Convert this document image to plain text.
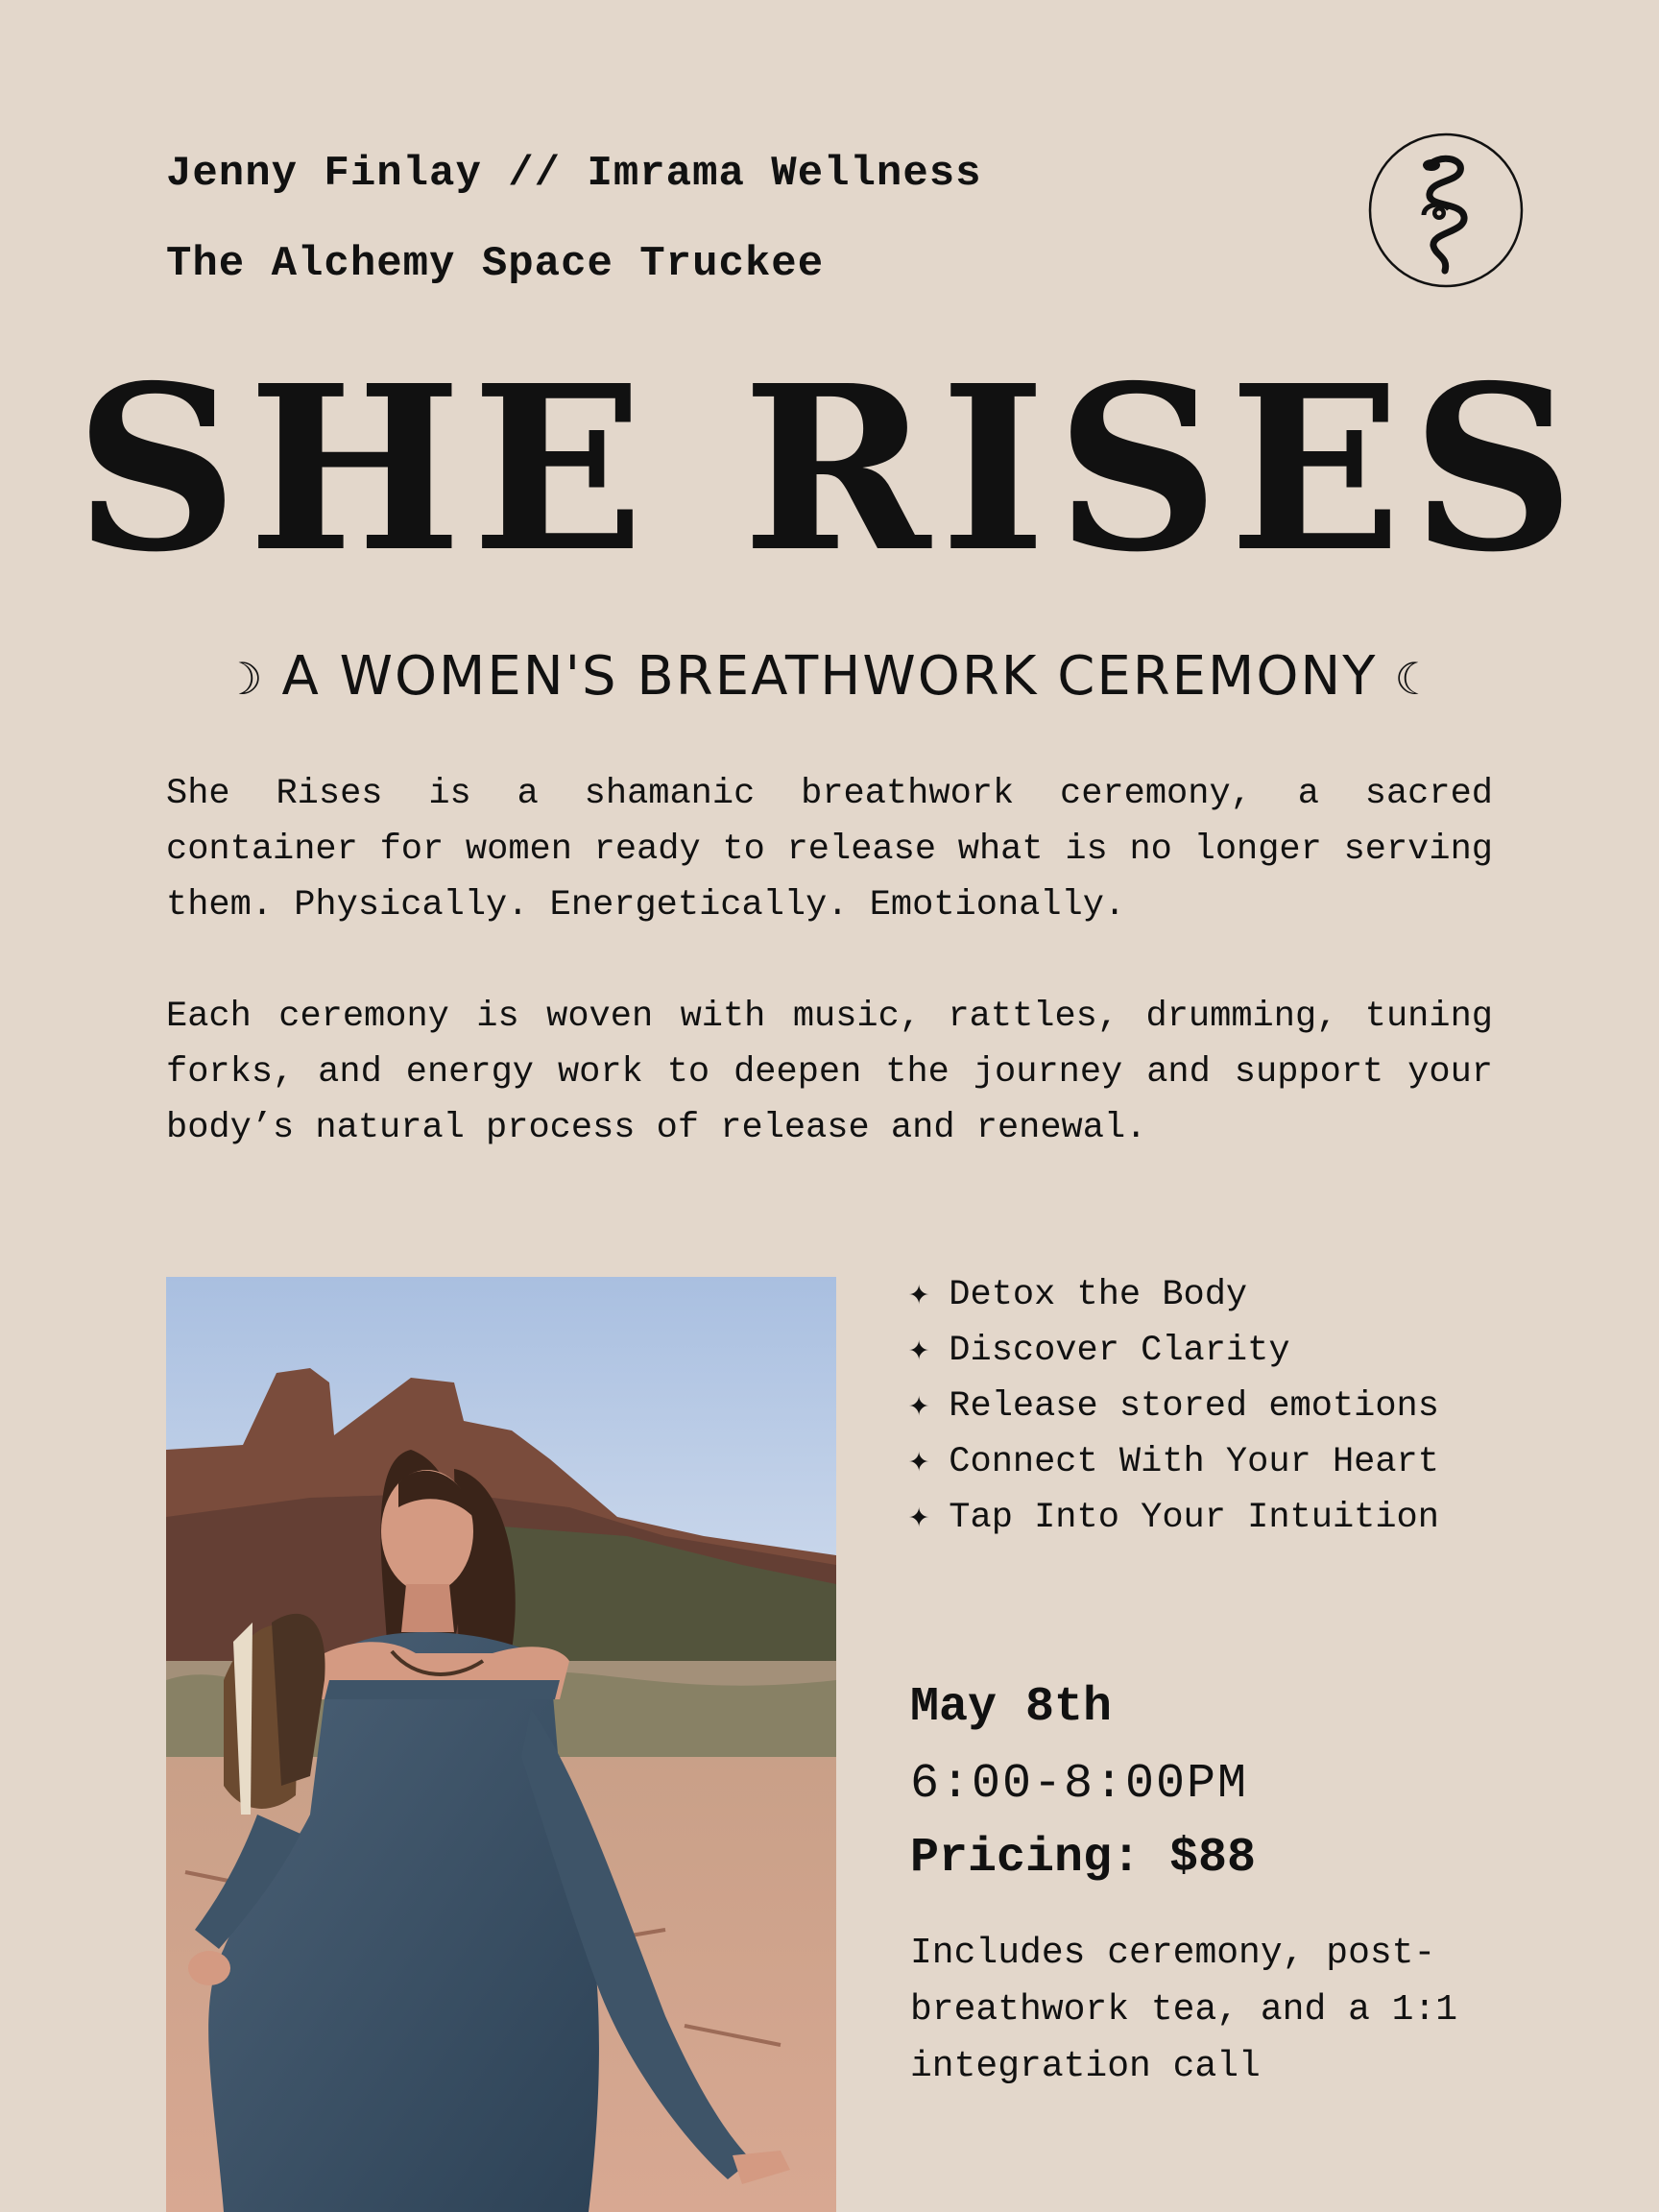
Jenny Finlay // Imrama Wellness
The Alchemy Space Truckee
SHE RISES
☽ A WOMEN'S BREATHWORK CEREMONY ☾
She Rises is a shamanic breathwork ceremony, a sacred container for women ready to release what is no longer serving them. Physically. Energetically. Emotionally.
Each ceremony is woven with music, rattles, drumming, tuning forks, and energy work to deepen the journey and support your body’s natural process of release and renewal.
✦ Detox the Body
✦ Discover Clarity
✦ Release stored emotions
✦ Connect With Your Heart
✦ Tap Into Your Intuition
May 8th
6:00-8:00PM
Pricing: $88
Includes ceremony, post-breathwork tea, and a 1:1 integration call
